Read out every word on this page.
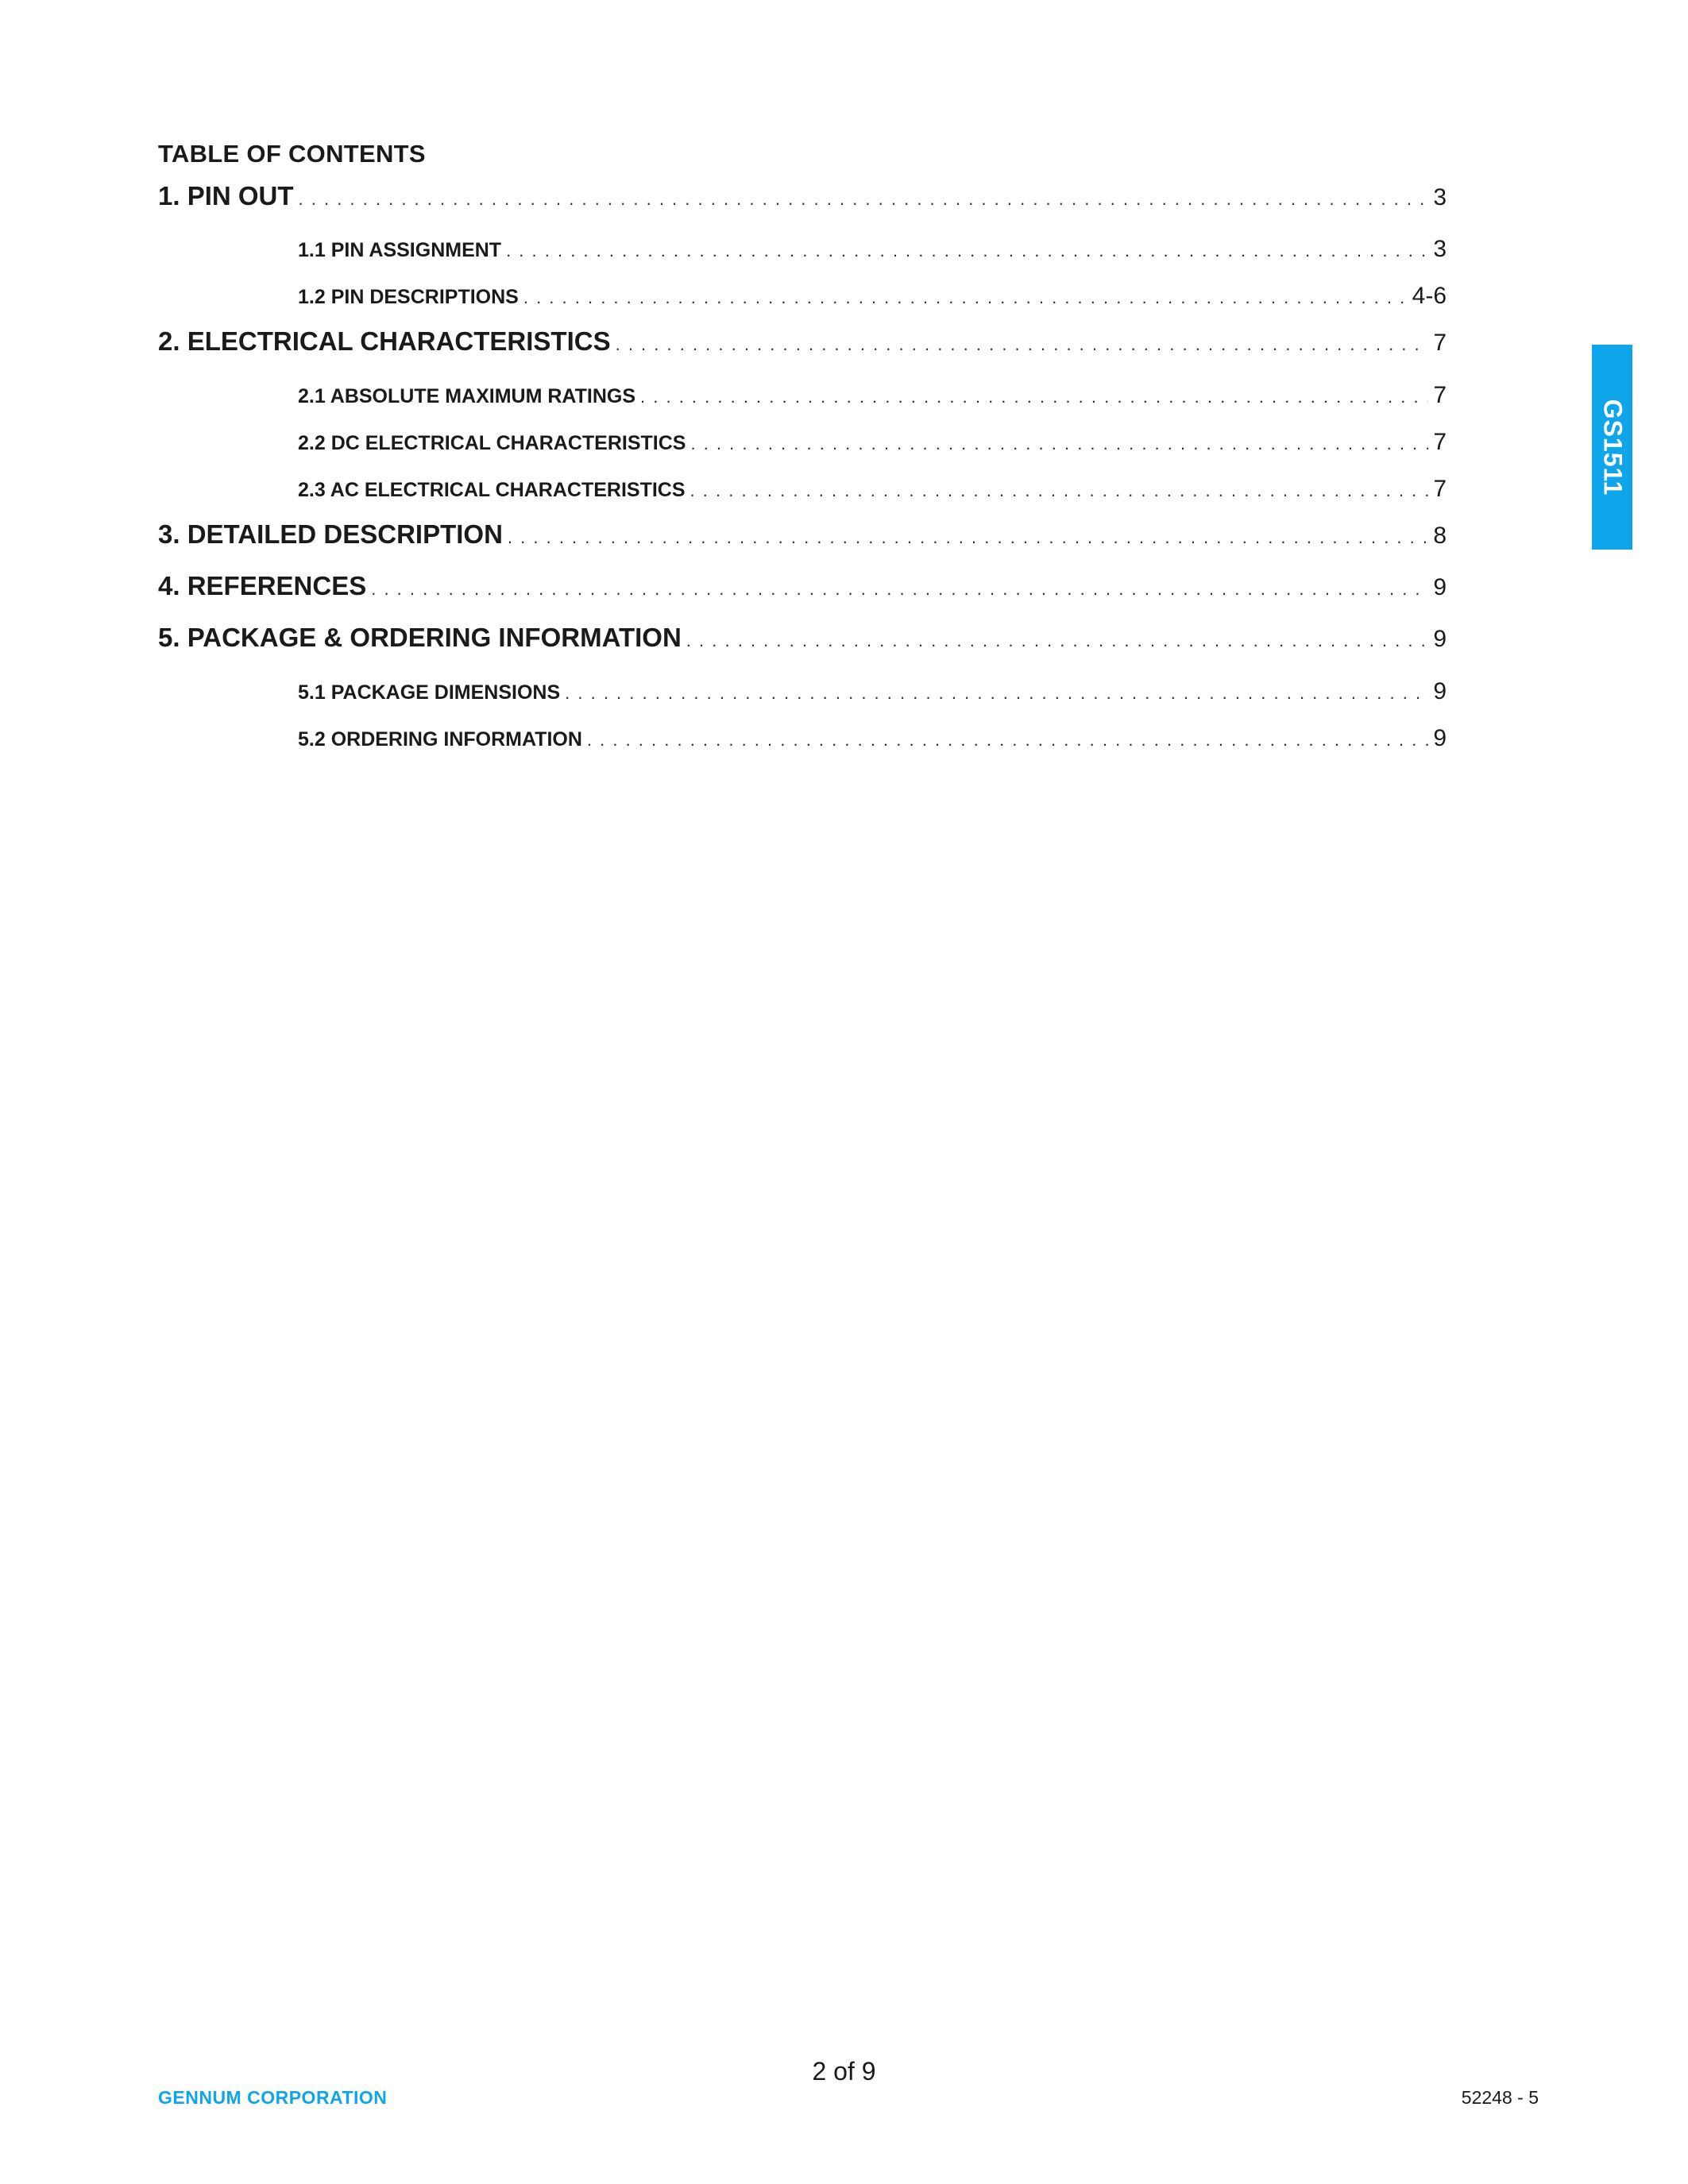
TABLE OF CONTENTS
1. PIN OUT . . .	3
1.1 PIN ASSIGNMENT . . .	3
1.2 PIN DESCRIPTIONS . . .	4-6
2. ELECTRICAL CHARACTERISTICS . . .	7
2.1 ABSOLUTE MAXIMUM RATINGS . . .	7
2.2 DC ELECTRICAL CHARACTERISTICS . . .	7
2.3 AC ELECTRICAL CHARACTERISTICS . . .	7
3. DETAILED DESCRIPTION . . .	8
4. REFERENCES . . .	9
5. PACKAGE & ORDERING INFORMATION . . .	9
5.1 PACKAGE DIMENSIONS . . .	9
5.2 ORDERING INFORMATION . . .	9
GS1511
2 of 9
GENNUM CORPORATION	52248 - 5
